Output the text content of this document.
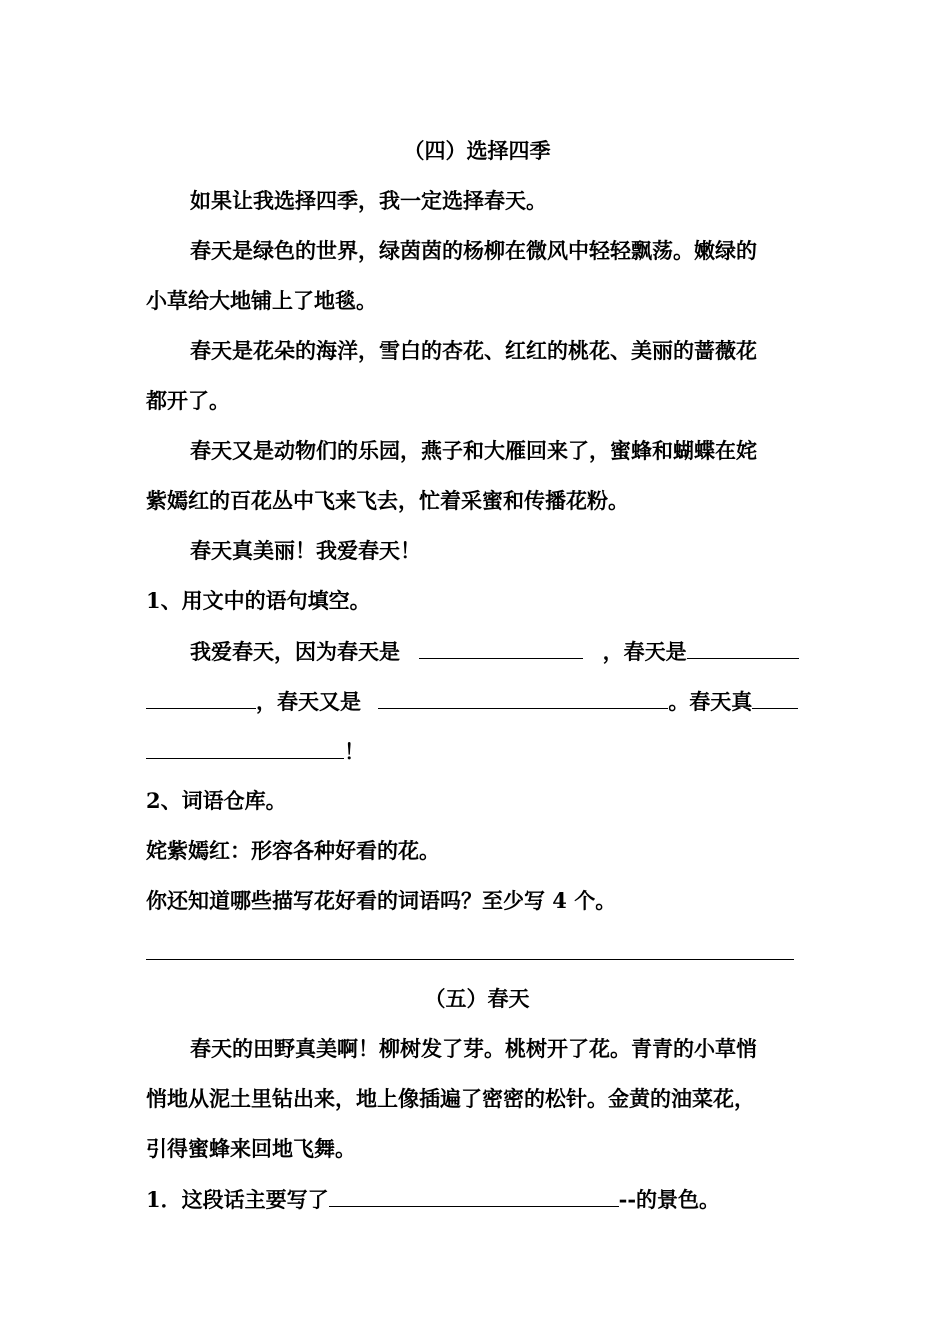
（四）选择四季
如果让我选择四季，我一定选择春天。
春天是绿色的世界，绿茵茵的杨柳在微风中轻轻飘荡。嫩绿的
小草给大地铺上了地毯。
春天是花朵的海洋，雪白的杏花、红红的桃花、美丽的蔷薇花
都开了。
春天又是动物们的乐园，燕子和大雁回来了，蜜蜂和蝴蝶在姹
紫嫣红的百花丛中飞来飞去，忙着采蜜和传播花粉。
春天真美丽！我爱春天！
1、用文中的语句填空。
我爱春天，因为春天是	，春天是
，春天又是	。春天真
！
2、词语仓库。
姹紫嫣红：形容各种好看的花。
你还知道哪些描写花好看的词语吗？至少写 4 个。
（五）春天
春天的田野真美啊！柳树发了芽。桃树开了花。青青的小草悄
悄地从泥土里钻出来，地上像插遍了密密的松针。金黄的油菜花，
引得蜜蜂来回地飞舞。
1．这段话主要写了	--的景色。
